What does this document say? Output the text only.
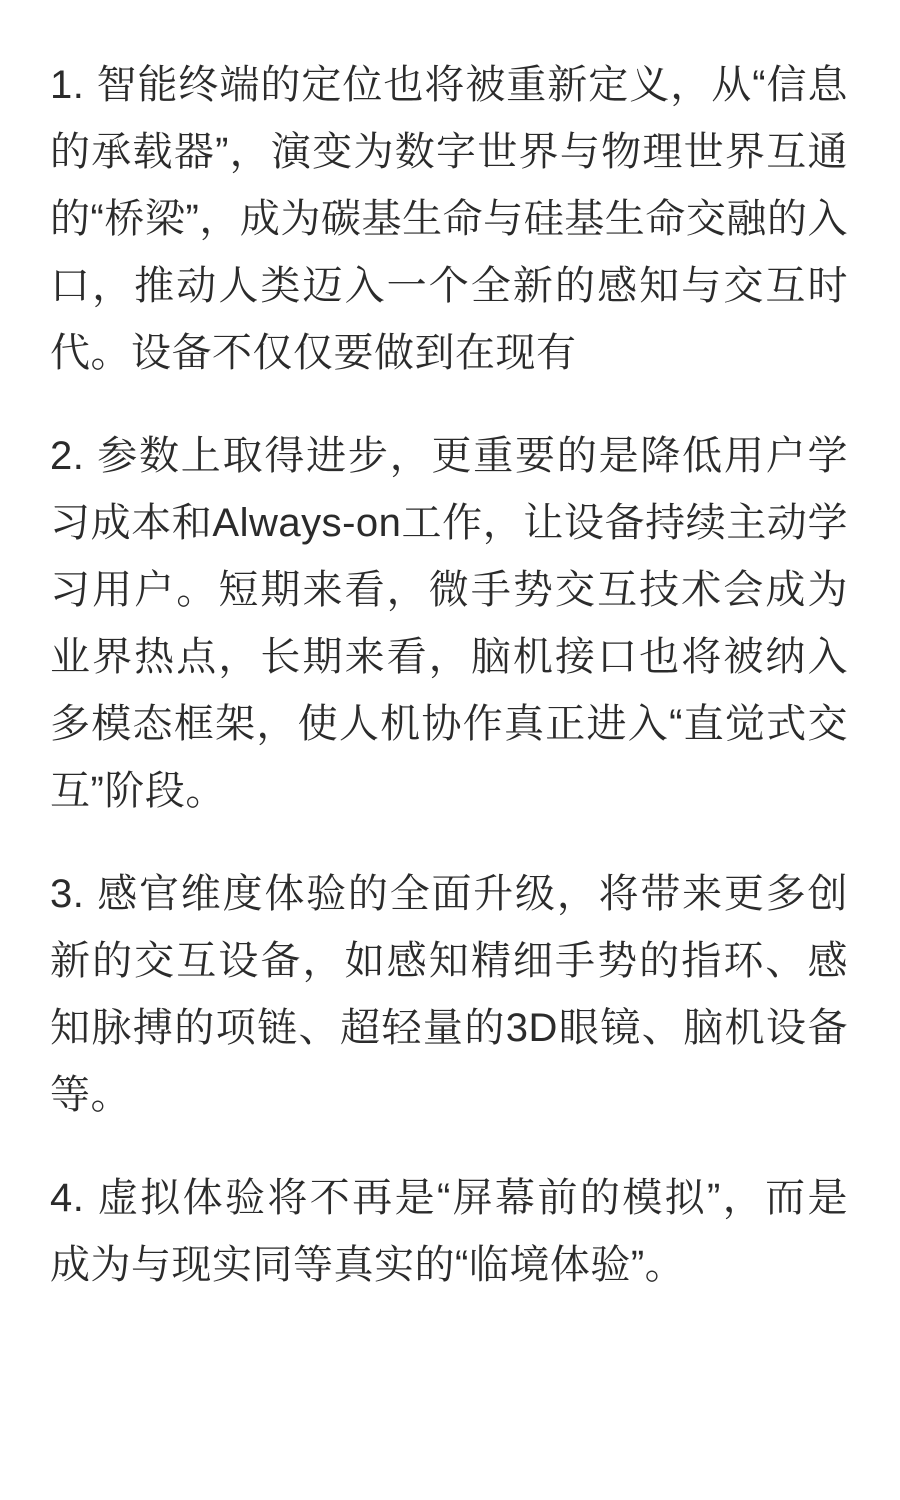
1. 智能终端的定位也将被重新定义，从“信息的承载器”，演变为数字世界与物理世界互通的“桥梁”，成为碳基生命与硅基生命交融的入口，推动人类迈入一个全新的感知与交互时代。设备不仅仅要做到在现有

2. 参数上取得进步，更重要的是降低用户学习成本和Always-on工作，让设备持续主动学习用户。短期来看，微手势交互技术会成为业界热点，长期来看，脑机接口也将被纳入多模态框架，使人机协作真正进入“直觉式交互”阶段。

3. 感官维度体验的全面升级，将带来更多创新的交互设备，如感知精细手势的指环、感知脉搏的项链、超轻量的3D眼镜、脑机设备等。

4. 虚拟体验将不再是“屏幕前的模拟”，而是成为与现实同等真实的“临境体验”。
